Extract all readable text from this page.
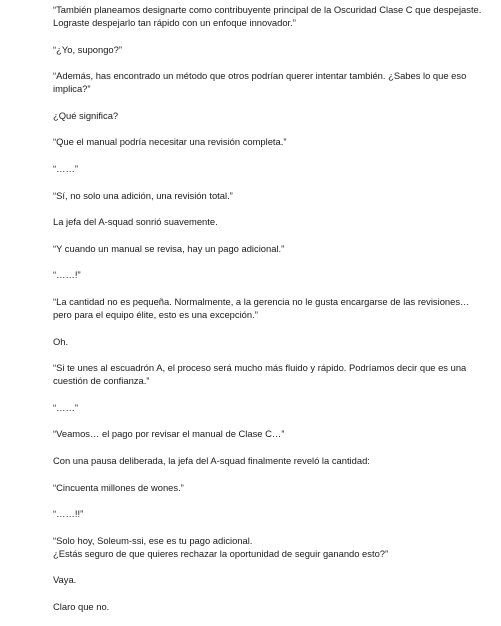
“También planeamos designarte como contribuyente principal de la Oscuridad Clase C que despejaste. Lograste despejarlo tan rápido con un enfoque innovador.”

“¿Yo, supongo?”

“Además, has encontrado un método que otros podrían querer intentar también. ¿Sabes lo que eso implica?”

¿Qué significa?

“Que el manual podría necesitar una revisión completa.”

“……”

“Sí, no solo una adición, una revisión total.”

La jefa del A-squad sonrió suavemente.

“Y cuando un manual se revisa, hay un pago adicional.”

“……!”

“La cantidad no es pequeña. Normalmente, a la gerencia no le gusta encargarse de las revisiones… pero para el equipo élite, esto es una excepción.”

Oh.

“Si te unes al escuadrón A, el proceso será mucho más fluido y rápido. Podríamos decir que es una cuestión de confianza.”

“……”

“Veamos… el pago por revisar el manual de Clase C…”

Con una pausa deliberada, la jefa del A-squad finalmente reveló la cantidad:

“Cincuenta millones de wones.”

“……!!”

“Solo hoy, Soleum-ssi, ese es tu pago adicional.
¿Estás seguro de que quieres rechazar la oportunidad de seguir ganando esto?”

Vaya.

Claro que no.
